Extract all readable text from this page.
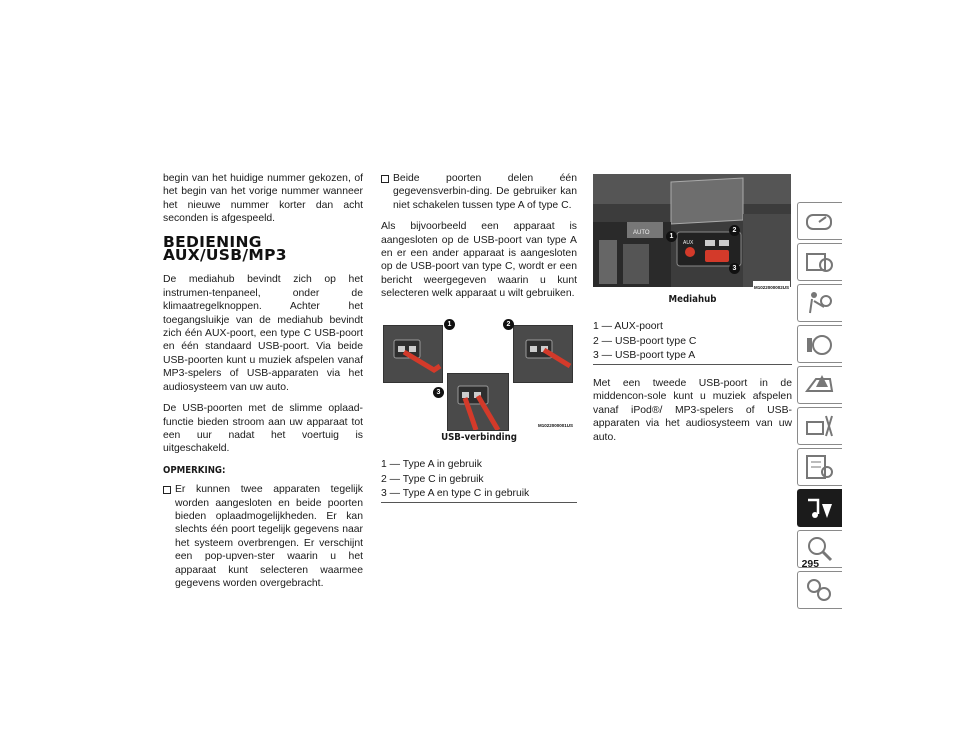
begin van het huidige nummer gekozen, of het begin van het vorige nummer wanneer het nieuwe nummer korter dan acht seconden is afgespeeld.

BEDIENING AUX/USB/MP3

De mediahub bevindt zich op het instrumen-tenpaneel, onder de klimaatregelknoppen. Achter het toegangsluikje van de mediahub bevindt zich één AUX-poort, een type C USB-poort en één standaard USB-poort. Via beide USB-poorten kunt u muziek afspelen vanaf MP3-spelers of USB-apparaten via het audiosysteem van uw auto.

De USB-poorten met de slimme oplaad-functie bieden stroom aan uw apparaat tot een uur nadat het voertuig is uitgeschakeld.

OPMERKING:
Er kunnen twee apparaten tegelijk worden aangesloten en beide poorten bieden oplaadmogelijkheden. Er kan slechts één poort tegelijk gegevens naar het systeem overbrengen. Er verschijnt een pop-upven-ster waarin u het apparaat kunt selecteren waarmee gegevens worden overgebracht.
Beide poorten delen één gegevensverbin-ding. De gebruiker kan niet schakelen tussen type A of type C.

Als bijvoorbeeld een apparaat is aangesloten op de USB-poort van type A en er een ander apparaat is aangesloten op de USB-poort van type C, wordt er een bericht weergegeven waarin u kunt selecteren welk apparaat u wilt gebruiken.

1	2
3
M1022000001US
USB-verbinding
1 — Type A in gebruik
2 — Type C in gebruik
3 — Type A en type C in gebruik
AUTO
AUX
1
2
3
M1022000002US
Mediahub
1 — AUX-poort
2 — USB-poort type C
3 — USB-poort type A

Met een tweede USB-poort in de middencon-sole kunt u muziek afspelen vanaf iPod®/ MP3-spelers of USB-apparaten via het audiosysteem van uw auto.

295
